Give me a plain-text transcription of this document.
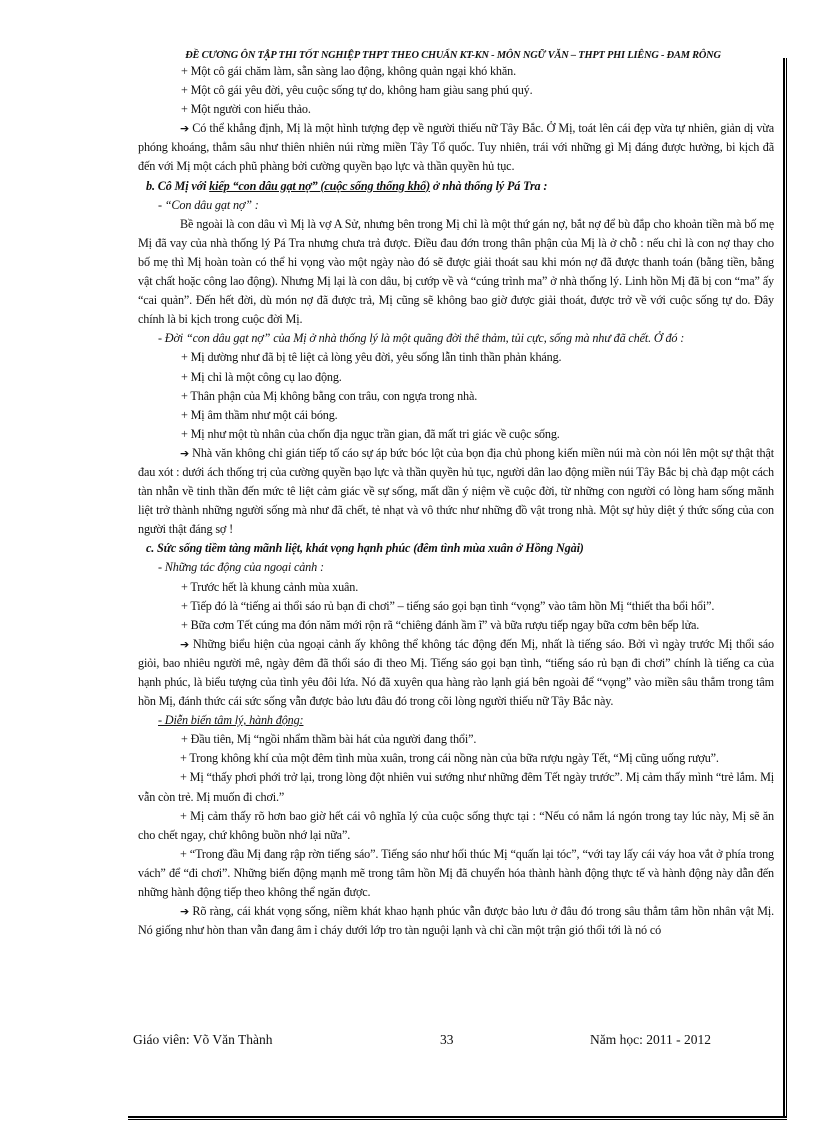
ĐỀ CƯƠNG ÔN TẬP THI TỐT NGHIỆP THPT THEO CHUẨN KT-KN - MÔN NGỮ VĂN – THPT PHI LIÊNG - ĐAM RÔNG

+ Một cô gái chăm làm, sẵn sàng lao động, không quản ngại khó khăn.

+ Một cô gái yêu đời, yêu cuộc sống tự do, không ham giàu sang phú quý.

+ Một người con hiếu thảo.

➔ Có thể khẳng định, Mị là một hình tượng đẹp về người thiếu nữ Tây Bắc. Ở Mị, toát lên cái đẹp vừa tự nhiên, giản dị vừa phóng khoáng, thẳm sâu như thiên nhiên núi rừng miền Tây Tổ quốc. Tuy nhiên, trái với những gì Mị đáng được hưởng, bi kịch đã đến với Mị một cách phũ phàng bởi cường quyền bạo lực và thần quyền hủ tục.

b. Cô Mị với kiếp “con dâu gạt nợ” (cuộc sống thống khổ) ở nhà thống lý Pá Tra :

- “Con dâu gạt nợ” :

Bề ngoài là con dâu vì Mị là vợ A Sử, nhưng bên trong Mị chỉ là một thứ gán nợ, bắt nợ để bù đắp cho khoản tiền mà bố mẹ Mị đã vay của nhà thống lý Pá Tra nhưng chưa trả được. Điều đau đớn trong thân phận của Mị là ở chỗ : nếu chỉ là con nợ thay cho bố mẹ thì Mị hoàn toàn có thể hi vọng vào một ngày nào đó sẽ được giải thoát sau khi món nợ đã được thanh toán (bằng tiền, bằng vật chất hoặc công lao động). Nhưng Mị lại là con dâu, bị cướp về và “cúng trình ma” ở nhà thống lý. Linh hồn Mị đã bị con “ma” ấy “cai quản”. Đến hết đời, dù món nợ đã được trả, Mị cũng sẽ không bao giờ được giải thoát, được trở về với cuộc sống tự do. Đây chính là bi kịch trong cuộc đời Mị.

- Đời “con dâu gạt nợ” của Mị ở nhà thống lý là một quãng đời thê thảm, tủi cực, sống mà như đã chết. Ở đó :

+ Mị dường như đã bị tê liệt cả lòng yêu đời, yêu sống lẫn tinh thần phản kháng.

+ Mị chỉ là một công cụ lao động.

+ Thân phận của Mị không bằng con trâu, con ngựa trong nhà.

+ Mị âm thầm như một cái bóng.

+ Mị như một tù nhân của chốn địa ngục trần gian, đã mất tri giác về cuộc sống.

➔ Nhà văn không chỉ gián tiếp tố cáo sự áp bức bóc lột của bọn địa chủ phong kiến miền núi mà còn nói lên một sự thật thật đau xót : dưới ách thống trị của cường quyền bạo lực và thần quyền hủ tục, người dân lao động miền núi Tây Bắc bị chà đạp một cách tàn nhẫn về tinh thần đến mức tê liệt cảm giác về sự sống, mất dần ý niệm về cuộc đời, từ những con người có lòng ham sống mãnh liệt trở thành những người sống mà như đã chết, tẻ nhạt và vô thức như những đồ vật trong nhà. Một sự hủy diệt ý thức sống của con người thật đáng sợ !

c. Sức sống tiềm tàng mãnh liệt, khát vọng hạnh phúc (đêm tình mùa xuân ở Hồng Ngài)

- Những tác động của ngoại cảnh :

+ Trước hết là khung cảnh mùa xuân.

+ Tiếp đó là “tiếng ai thổi sáo rủ bạn đi chơi” – tiếng sáo gọi bạn tình “vọng” vào tâm hồn Mị “thiết tha bổi hổi”.

+ Bữa cơm Tết cúng ma đón năm mới rộn rã “chiêng đánh ầm ĩ” và bữa rượu tiếp ngay bữa cơm bên bếp lửa.

➔ Những biểu hiện của ngoại cảnh ấy không thể không tác động đến Mị, nhất là tiếng sáo. Bởi vì ngày trước Mị thổi sáo giỏi, bao nhiêu người mê, ngày đêm đã thổi sáo đi theo Mị. Tiếng sáo gọi bạn tình, “tiếng sáo rủ bạn đi chơi” chính là tiếng ca của hạnh phúc, là biểu tượng của tình yêu đôi lứa. Nó đã xuyên qua hàng rào lạnh giá bên ngoài để “vọng” vào miền sâu thẳm trong tâm hồn Mị, đánh thức cái sức sống vẫn được bảo lưu đâu đó trong cõi lòng người thiếu nữ Tây Bắc này.

- Diễn biến tâm lý, hành động:

+ Đầu tiên, Mị “ngồi nhẩm thầm bài hát của người đang thổi”.

+ Trong không khí của một đêm tình mùa xuân, trong cái nồng nàn của bữa rượu ngày Tết, “Mị cũng uống rượu”.

+ Mị “thấy phơi phới trở lại, trong lòng đột nhiên vui sướng như những đêm Tết ngày trước”. Mị cảm thấy mình “trẻ lắm. Mị vẫn còn trẻ. Mị muốn đi chơi.”

+ Mị cảm thấy rõ hơn bao giờ hết cái vô nghĩa lý của cuộc sống thực tại : “Nếu có nắm lá ngón trong tay lúc này, Mị sẽ ăn cho chết ngay, chứ không buồn nhớ lại nữa”.

+ “Trong đầu Mị đang rập rờn tiếng sáo”. Tiếng sáo như hối thúc Mị “quấn lại tóc”, “với tay lấy cái váy hoa vắt ở phía trong vách” để “đi chơi”. Những biến động mạnh mẽ trong tâm hồn Mị đã chuyển hóa thành hành động thực tế và hành động này dẫn đến những hành động tiếp theo không thể ngăn được.

➔ Rõ ràng, cái khát vọng sống, niềm khát khao hạnh phúc vẫn được bảo lưu ở đâu đó trong sâu thẳm tâm hồn nhân vật Mị. Nó giống như hòn than vẫn đang âm ỉ cháy dưới lớp tro tàn nguội lạnh và chỉ cần một trận gió thổi tới là nó có

Giáo viên: Võ Văn Thành	33	Năm học: 2011 - 2012
